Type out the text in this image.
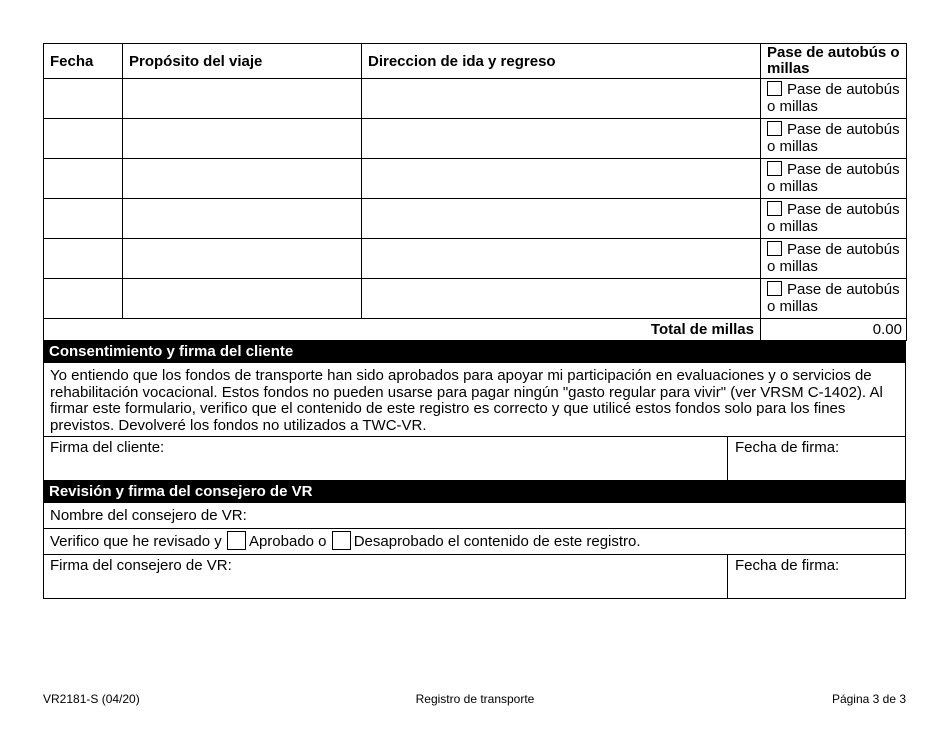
Fecha	Propósito del viaje	Direccion de ida y regreso	Pase de autobús o millas
			Pase de autobús
o millas
			Pase de autobús
o millas
			Pase de autobús
o millas
			Pase de autobús
o millas
			Pase de autobús
o millas
			Pase de autobús
o millas
Total de millas			0.00
Consentimiento y firma del cliente
Yo entiendo que los fondos de transporte han sido aprobados para apoyar mi participación en evaluaciones y o servicios de rehabilitación vocacional. Estos fondos no pueden usarse para pagar ningún "gasto regular para vivir" (ver VRSM C-1402). Al firmar este formulario, verifico que el contenido de este registro es correcto y que utilicé estos fondos solo para los fines previstos. Devolveré los fondos no utilizados a TWC-VR.
Firma del cliente:	Fecha de firma:
Revisión y firma del consejero de VR
Nombre del consejero de VR:
Verifico que he revisado y Aprobado o Desaprobado el contenido de este registro.
Firma del consejero de VR:	Fecha de firma:
VR2181-S (04/20)	Registro de transporte	Página 3 de 3
